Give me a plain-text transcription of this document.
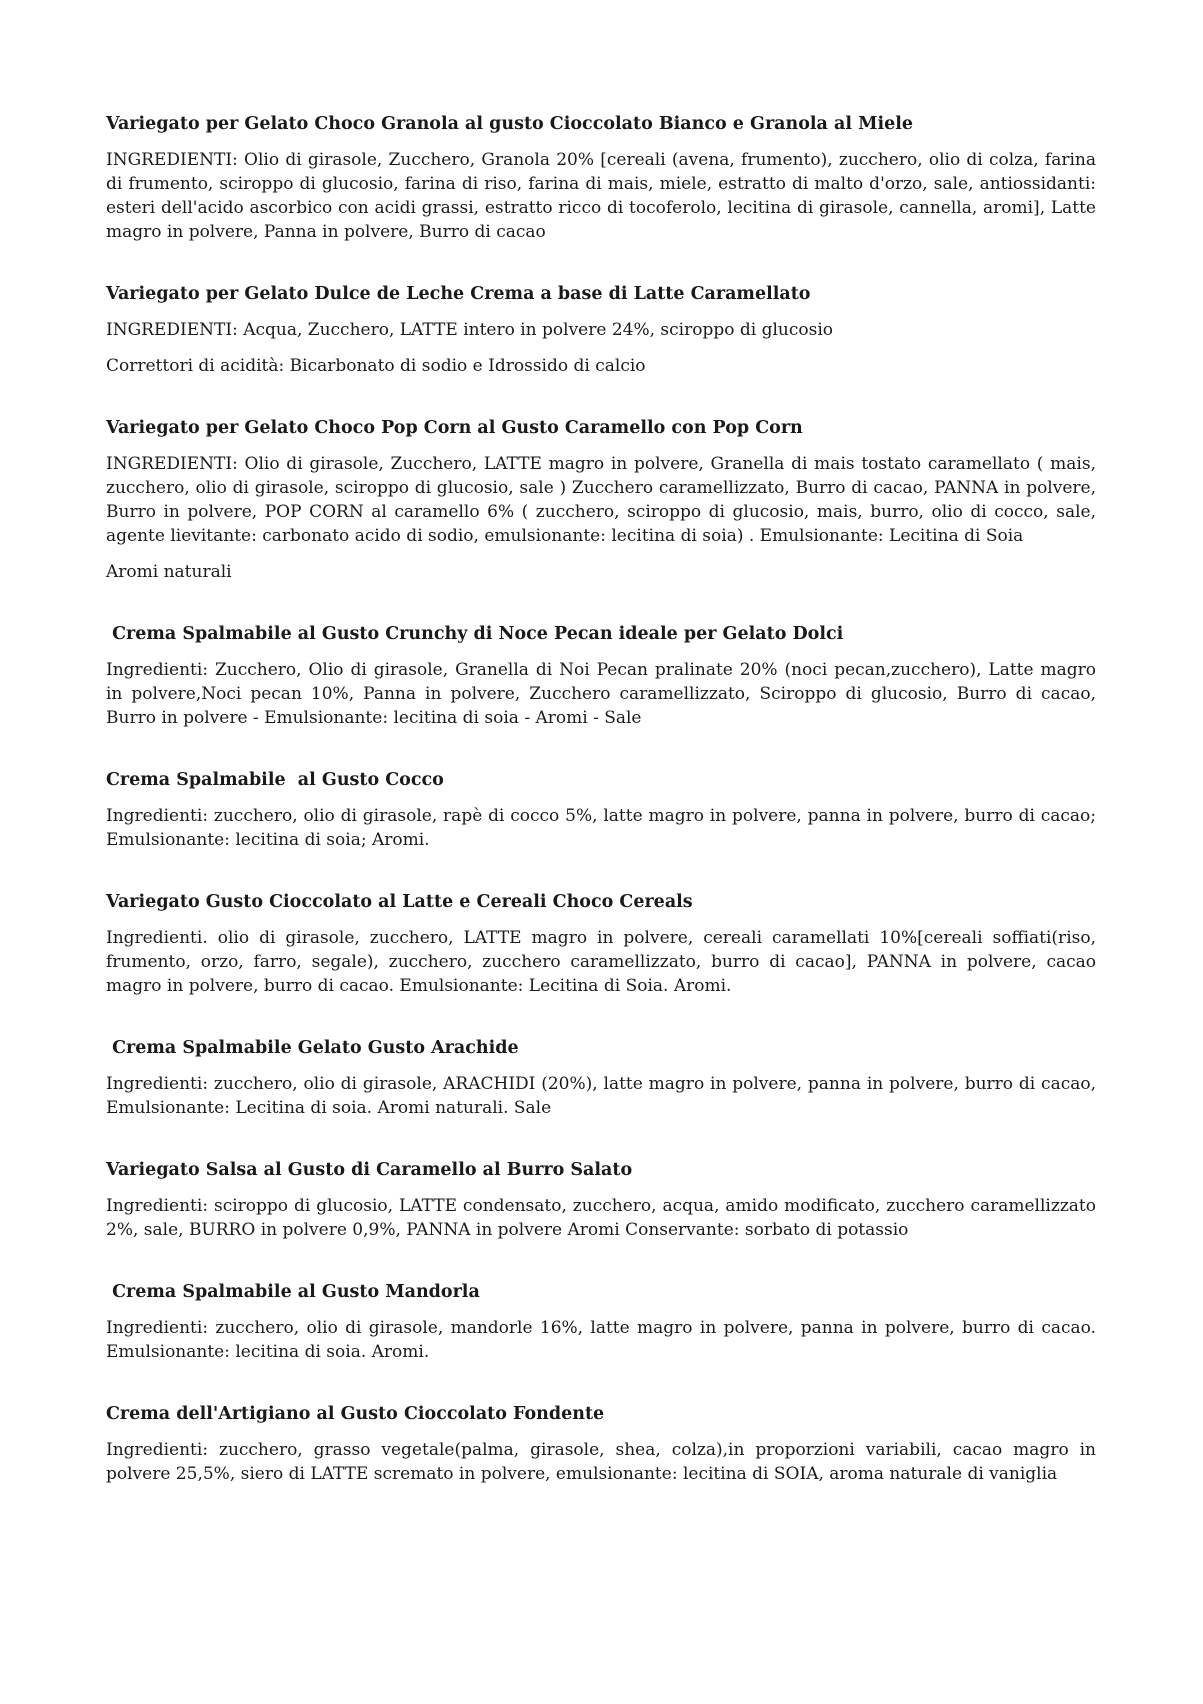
Variegato per Gelato Choco Granola al gusto Cioccolato Bianco e Granola al Miele

INGREDIENTI: Olio di girasole, Zucchero, Granola 20% [cereali (avena, frumento), zucchero, olio di colza, farina di frumento, sciroppo di glucosio, farina di riso, farina di mais, miele, estratto di malto d'orzo, sale, antiossidanti: esteri dell'acido ascorbico con acidi grassi, estratto ricco di tocoferolo, lecitina di girasole, cannella, aromi], Latte magro in polvere, Panna in polvere, Burro di cacao

Variegato per Gelato Dulce de Leche Crema a base di Latte Caramellato

INGREDIENTI: Acqua, Zucchero, LATTE intero in polvere 24%, sciroppo di glucosio

Correttori di acidità: Bicarbonato di sodio e Idrossido di calcio

Variegato per Gelato Choco Pop Corn al Gusto Caramello con Pop Corn

INGREDIENTI: Olio di girasole, Zucchero, LATTE magro in polvere, Granella di mais tostato caramellato ( mais, zucchero, olio di girasole, sciroppo di glucosio, sale ) Zucchero caramellizzato, Burro di cacao, PANNA in polvere, Burro in polvere, POP CORN al caramello 6% ( zucchero, sciroppo di glucosio, mais, burro, olio di cocco, sale, agente lievitante: carbonato acido di sodio, emulsionante: lecitina di soia) . Emulsionante: Lecitina di Soia

Aromi naturali

Crema Spalmabile al Gusto Crunchy di Noce Pecan ideale per Gelato Dolci

Ingredienti: Zucchero, Olio di girasole, Granella di Noi Pecan pralinate 20% (noci pecan,zucchero), Latte magro in polvere,Noci pecan 10%, Panna in polvere, Zucchero caramellizzato, Sciroppo di glucosio, Burro di cacao, Burro in polvere - Emulsionante: lecitina di soia - Aromi - Sale

Crema Spalmabile  al Gusto Cocco

Ingredienti: zucchero, olio di girasole, rapè di cocco 5%, latte magro in polvere, panna in polvere, burro di cacao; Emulsionante: lecitina di soia; Aromi.

Variegato Gusto Cioccolato al Latte e Cereali Choco Cereals

Ingredienti. olio di girasole, zucchero, LATTE magro in polvere, cereali caramellati 10%[cereali soffiati(riso, frumento, orzo, farro, segale), zucchero, zucchero caramellizzato, burro di cacao], PANNA in polvere, cacao magro in polvere, burro di cacao. Emulsionante: Lecitina di Soia. Aromi.

Crema Spalmabile Gelato Gusto Arachide

Ingredienti: zucchero, olio di girasole, ARACHIDI (20%), latte magro in polvere, panna in polvere, burro di cacao, Emulsionante: Lecitina di soia. Aromi naturali. Sale

Variegato Salsa al Gusto di Caramello al Burro Salato

Ingredienti: sciroppo di glucosio, LATTE condensato, zucchero, acqua, amido modificato, zucchero caramellizzato 2%, sale, BURRO in polvere 0,9%, PANNA in polvere Aromi Conservante: sorbato di potassio

Crema Spalmabile al Gusto Mandorla

Ingredienti: zucchero, olio di girasole, mandorle 16%, latte magro in polvere, panna in polvere, burro di cacao. Emulsionante: lecitina di soia. Aromi.

Crema dell'Artigiano al Gusto Cioccolato Fondente

Ingredienti: zucchero, grasso vegetale(palma, girasole, shea, colza),in proporzioni variabili, cacao magro in polvere 25,5%, siero di LATTE scremato in polvere, emulsionante: lecitina di SOIA, aroma naturale di vaniglia
